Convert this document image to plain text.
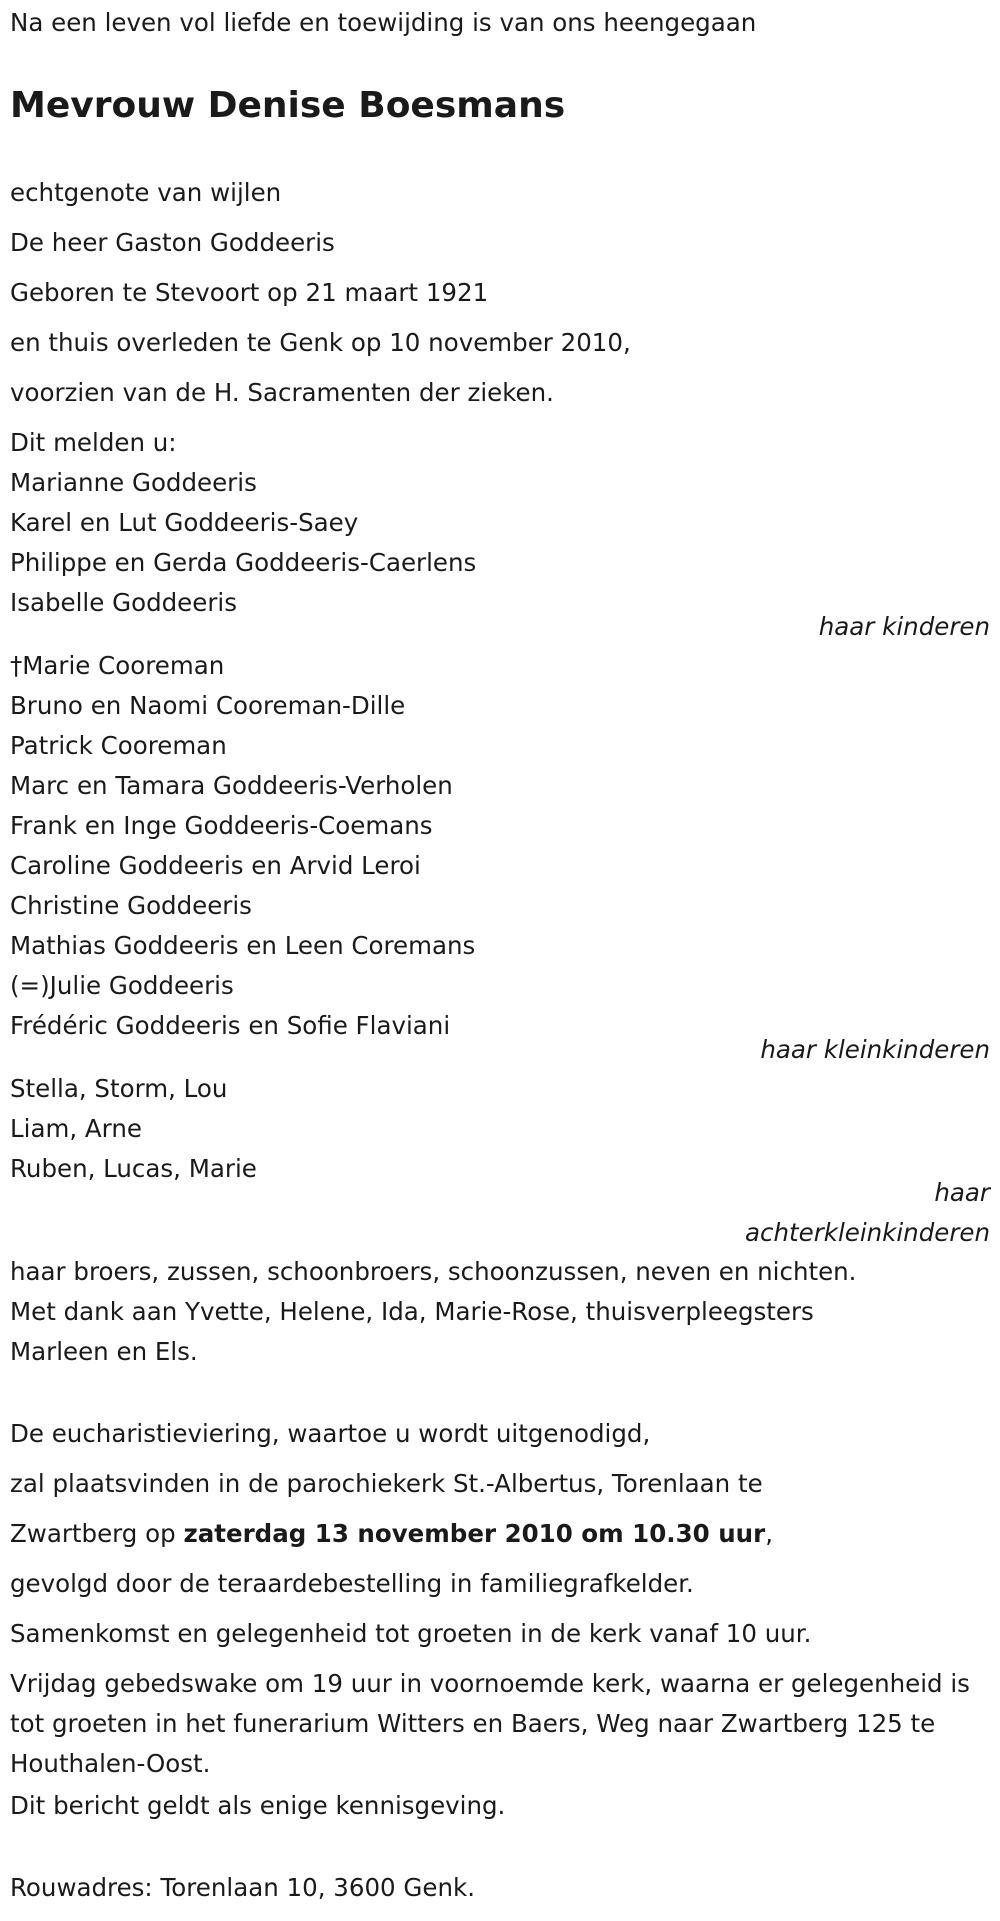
Na een leven vol liefde en toewijding is van ons heengegaan

Mevrouw Denise Boesmans

echtgenote van wijlen

De heer Gaston Goddeeris

Geboren te Stevoort op 21 maart 1921

en thuis overleden te Genk op 10 november 2010,

voorzien van de H. Sacramenten der zieken.

Dit melden u:

Marianne Goddeeris

Karel en Lut Goddeeris-Saey

Philippe en Gerda Goddeeris-Caerlens

Isabelle Goddeeris

haar kinderen

†Marie Cooreman

Bruno en Naomi Cooreman-Dille

Patrick Cooreman

Marc en Tamara Goddeeris-Verholen

Frank en Inge Goddeeris-Coemans

Caroline Goddeeris en Arvid Leroi

Christine Goddeeris

Mathias Goddeeris en Leen Coremans

(=)Julie Goddeeris

Frédéric Goddeeris en Sofie Flaviani

haar kleinkinderen

Stella, Storm, Lou

Liam, Arne

Ruben, Lucas, Marie

haar

achterkleinkinderen

haar broers, zussen, schoonbroers, schoonzussen, neven en nichten.

Met dank aan Yvette, Helene, Ida, Marie-Rose, thuisverpleegsters

Marleen en Els.

De eucharistieviering, waartoe u wordt uitgenodigd,

zal plaatsvinden in de parochiekerk St.-Albertus, Torenlaan te

Zwartberg op zaterdag 13 november 2010 om 10.30 uur,

gevolgd door de teraardebestelling in familiegrafkelder.

Samenkomst en gelegenheid tot groeten in de kerk vanaf 10 uur.

Vrijdag gebedswake om 19 uur in voornoemde kerk, waarna er gelegenheid is tot groeten in het funerarium Witters en Baers, Weg naar Zwartberg 125 te Houthalen-Oost.

Dit bericht geldt als enige kennisgeving.

Rouwadres: Torenlaan 10, 3600 Genk.
